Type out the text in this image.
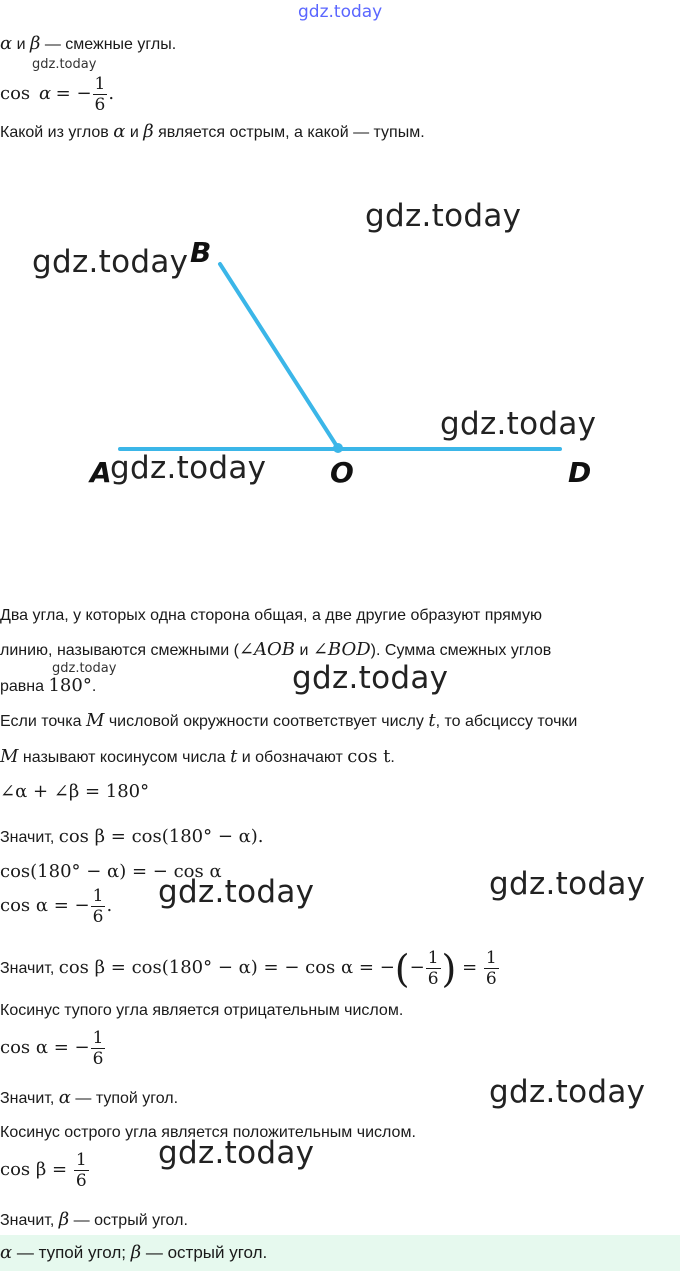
gdz.today
α и β — смежные углы.
gdz.today
cos α = − $\frac{1}{6}$ .
Какой из углов α и β является острым, а какой — тупым.
B
A	O	D
gdz.today
gdz.today
gdz.today
gdz.today
Два угла, у которых одна сторона общая, а две другие образуют прямую
линию, называются смежными (∠AOB и ∠BOD). Сумма смежных углов
gdz.today
равна 180°.	gdz.today
Если точка M числовой окружности соответствует числу t, то абсциссу точки
M называют косинусом числа t и обозначают cos t.
∠α + ∠β = 180°
Значит, cos β = cos(180° − α).
cos(180° − α) = − cos α
cos α = − $\frac{1}{6}$ . gdz.today	gdz.today
Значит, cos β = cos(180° − α) = − cos α = −(− $\frac{1}{6}$ ) = $\frac{1}{6}$
Косинус тупого угла является отрицательным числом.
cos α = − $\frac{1}{6}$
Значит, α — тупой угол.	gdz.today
Косинус острого угла является положительным числом.
gdz.today
$\cos \beta = \frac{1}{6}$
Значит, β — острый угол.
α — тупой угол; β — острый угол.
